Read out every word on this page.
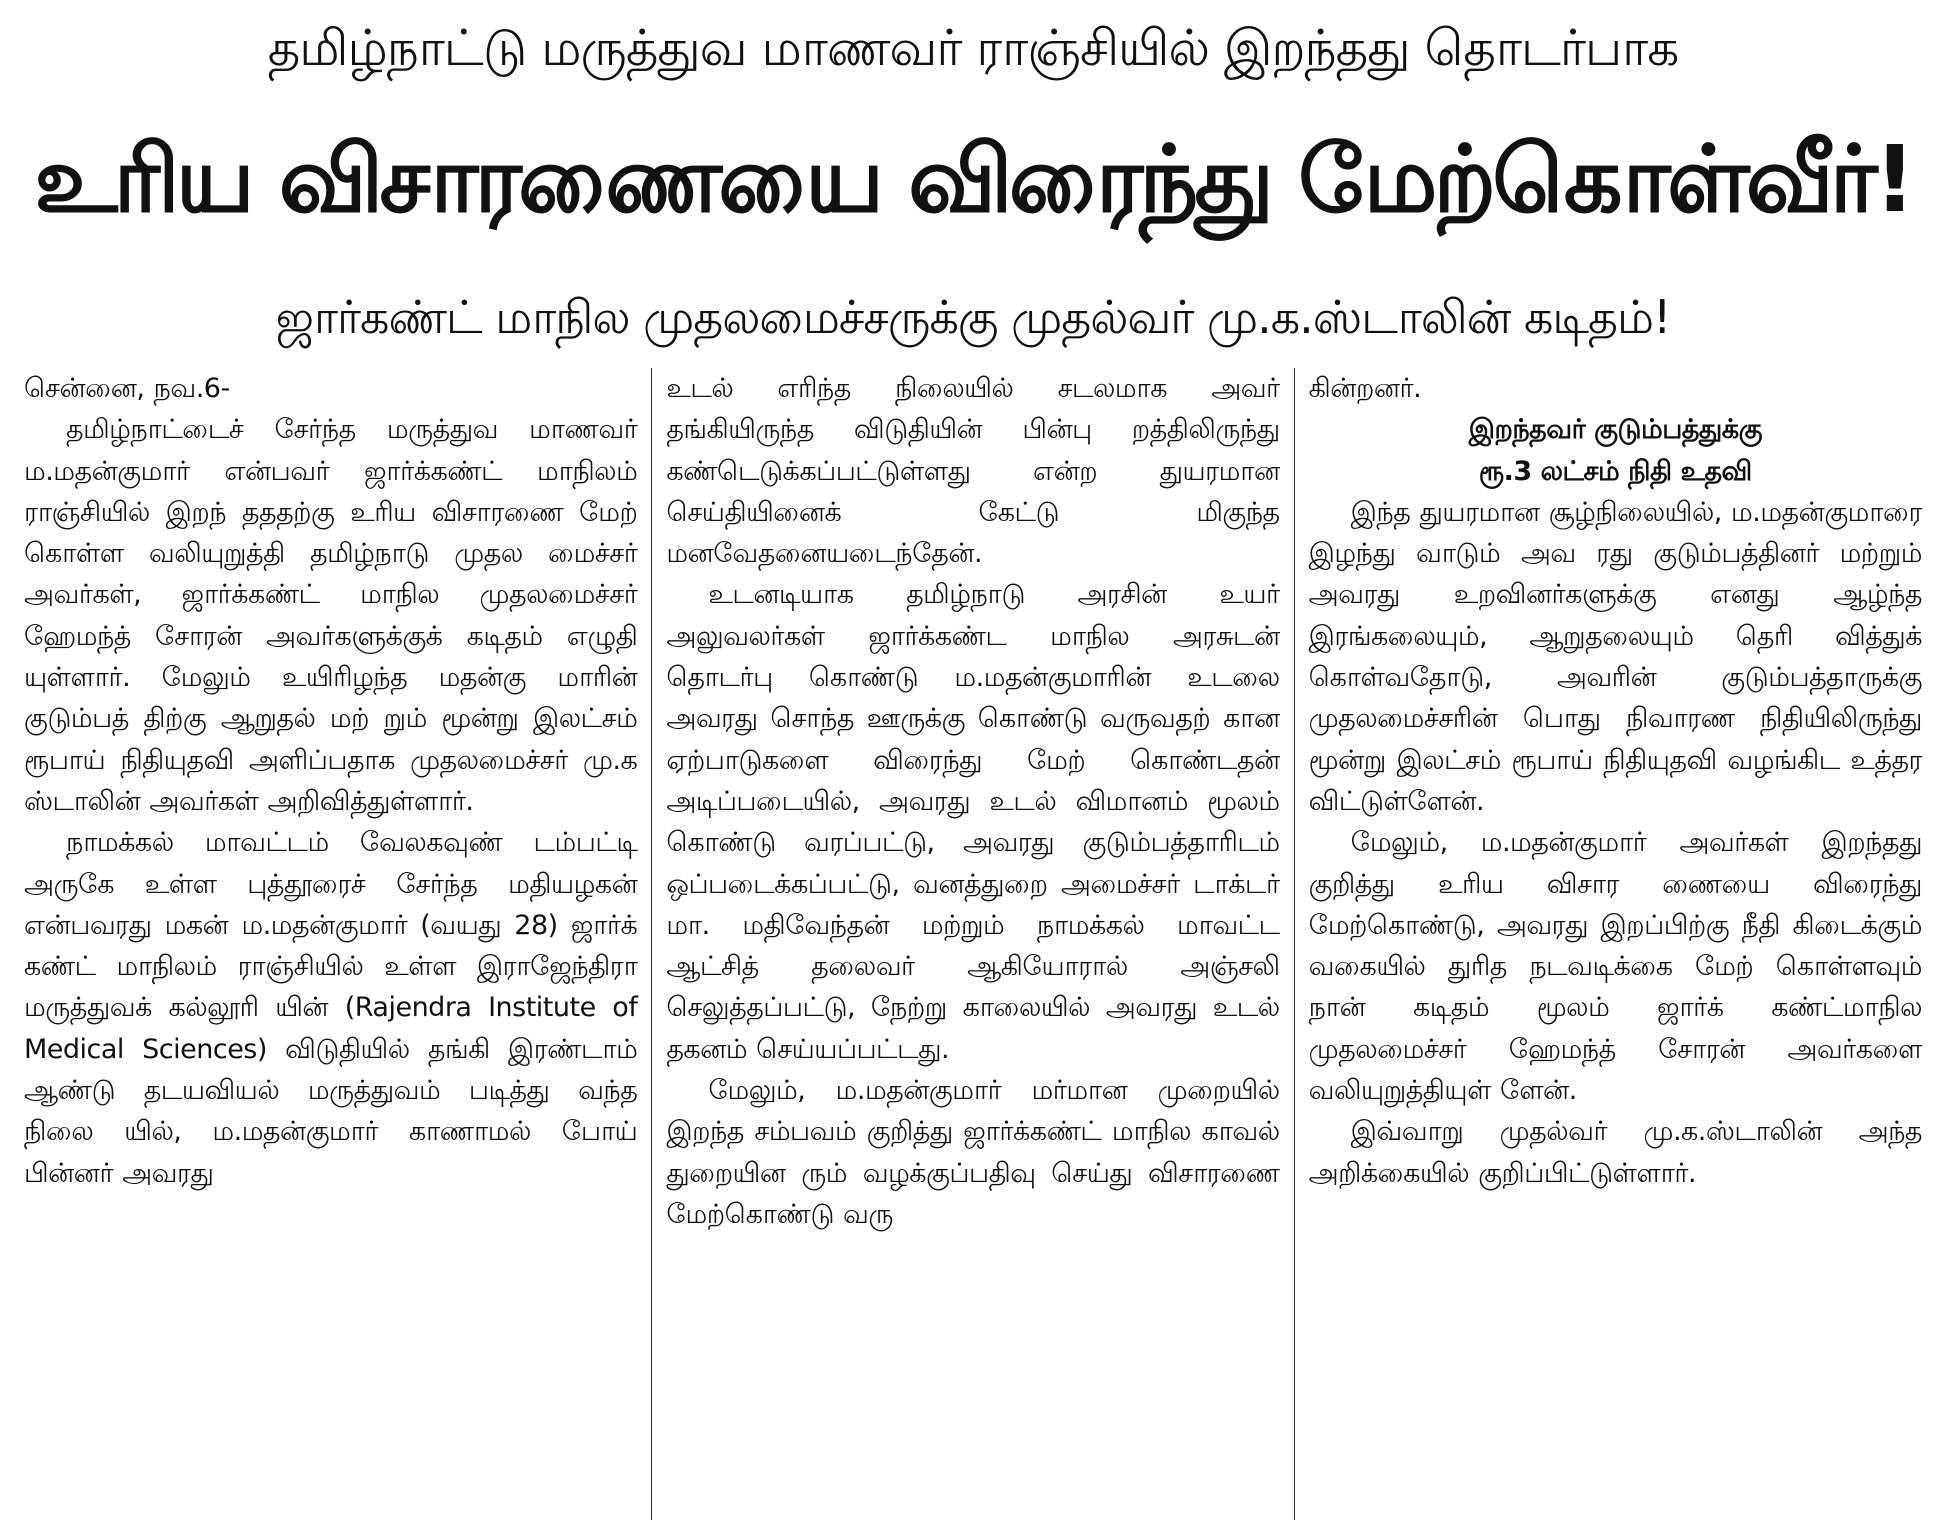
தமிழ்நாட்டு மருத்துவ மாணவர் ராஞ்சியில் இறந்தது தொடர்பாக
உரிய விசாரணையை விரைந்து மேற்கொள்வீர்!
ஜார்கண்ட் மாநில முதலமைச்சருக்கு முதல்வர் மு.க.ஸ்டாலின் கடிதம்!

சென்னை, நவ.6-

தமிழ்நாட்டைச் சேர்ந்த மருத்துவ மாணவர் ம.மதன்குமார் என்பவர் ஜார்க்கண்ட் மாநிலம் ராஞ்சியில் இறந் தததற்கு உரிய விசாரணை மேற் கொள்ள வலியுறுத்தி தமிழ்நாடு முதல மைச்சர் அவர்கள், ஜார்க்கண்ட் மாநில முதலமைச்சர் ஹேமந்த் சோரன் அவர்களுக்குக் கடிதம் எழுதி யுள்ளார். மேலும் உயிரிழந்த மதன்கு மாரின் குடும்பத் திற்கு ஆறுதல் மற் றும் மூன்று இலட்சம் ரூபாய் நிதியுதவி அளிப்பதாக முதலமைச்சர் மு.க ஸ்டாலின் அவர்கள் அறிவித்துள்ளார்.

நாமக்கல் மாவட்டம் வேலகவுண் டம்பட்டி அருகே உள்ள புத்தூரைச் சேர்ந்த மதியழகன் என்பவரது மகன் ம.மதன்குமார் (வயது 28) ஜார்க் கண்ட் மாநிலம் ராஞ்சியில் உள்ள இராஜேந்திரா மருத்துவக் கல்லூரி யின் (Rajendra Institute of Medical Sciences) விடுதியில் தங்கி இரண்டாம் ஆண்டு தடயவியல் மருத்துவம் படித்து வந்த நிலை யில், ம.மதன்குமார் காணாமல் போய் பின்னர் அவரது

உடல் எரிந்த நிலையில் சடலமாக அவர் தங்கியிருந்த விடுதியின் பின்பு றத்திலிருந்து கண்டெடுக்கப்பட்டுள்ளது என்ற துயரமான செய்தியினைக் கேட்டு மிகுந்த மனவேதனையடைந்தேன்.

உடனடியாக தமிழ்நாடு அரசின் உயர் அலுவலர்கள் ஜார்க்கண்ட மாநில அரசுடன் தொடர்பு கொண்டு ம.மதன்குமாரின் உடலை அவரது சொந்த ஊருக்கு கொண்டு வருவதற் கான ஏற்பாடுகளை விரைந்து மேற் கொண்டதன் அடிப்படையில், அவரது உடல் விமானம் மூலம் கொண்டு வரப்பட்டு, அவரது குடும்பத்தாரிடம் ஒப்படைக்கப்பட்டு, வனத்துறை அமைச்சர் டாக்டர் மா. மதிவேந்தன் மற்றும் நாமக்கல் மாவட்ட ஆட்சித் தலைவர் ஆகியோரால் அஞ்சலி செலுத்தப்பட்டு, நேற்று காலையில் அவரது உடல் தகனம் செய்யப்பட்டது.

மேலும், ம.மதன்குமார் மர்மான முறையில் இறந்த சம்பவம் குறித்து ஜார்க்கண்ட் மாநில காவல் துறையின ரும் வழக்குப்பதிவு செய்து விசாரணை மேற்கொண்டு வரு

கின்றனர்.

இறந்தவர் குடும்பத்துக்கு
ரூ.3 லட்சம் நிதி உதவி

இந்த துயரமான சூழ்நிலையில், ம.மதன்குமாரை இழந்து வாடும் அவ ரது குடும்பத்தினர் மற்றும் அவரது உறவினர்களுக்கு எனது ஆழ்ந்த இரங்கலையும், ஆறுதலையும் தெரி வித்துக் கொள்வதோடு, அவரின் குடும்பத்தாருக்கு முதலமைச்சரின் பொது நிவாரண நிதியிலிருந்து மூன்று இலட்சம் ரூபாய் நிதியுதவி வழங்கிட உத்தர விட்டுள்ளேன்.

மேலும், ம.மதன்குமார் அவர்கள் இறந்தது குறித்து உரிய விசார ணையை விரைந்து மேற்கொண்டு, அவரது இறப்பிற்கு நீதி கிடைக்கும் வகையில் துரித நடவடிக்கை மேற் கொள்ளவும் நான் கடிதம் மூலம் ஜார்க் கண்ட்மாநில முதலமைச்சர் ஹேமந்த் சோரன் அவர்களை வலியுறுத்தியுள் ளேன்.

இவ்வாறு முதல்வர் மு.க.ஸ்டாலின் அந்த அறிக்கையில் குறிப்பிட்டுள்ளார்.
